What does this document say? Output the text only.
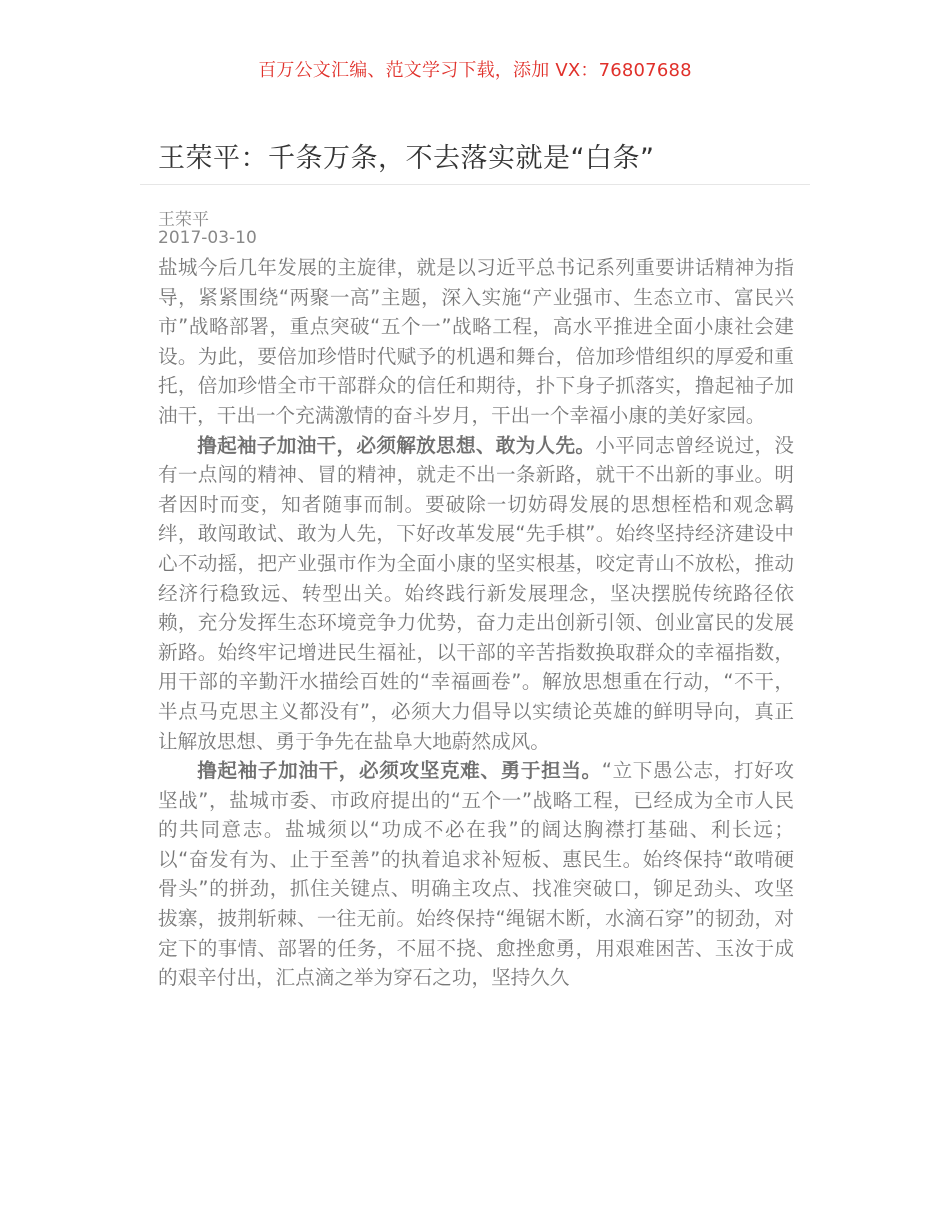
百万公文汇编、范文学习下载，添加 VX：76807688
王荣平：千条万条，不去落实就是“白条”
王荣平
2017-03-10

盐城今后几年发展的主旋律，就是以习近平总书记系列重要讲话精神为指导，紧紧围绕“两聚一高”主题，深入实施“产业强市、生态立市、富民兴市”战略部署，重点突破“五个一”战略工程，高水平推进全面小康社会建设。为此，要倍加珍惜时代赋予的机遇和舞台，倍加珍惜组织的厚爱和重托，倍加珍惜全市干部群众的信任和期待，扑下身子抓落实，撸起袖子加油干，干出一个充满激情的奋斗岁月，干出一个幸福小康的美好家园。

撸起袖子加油干，必须解放思想、敢为人先。小平同志曾经说过，没有一点闯的精神、冒的精神，就走不出一条新路，就干不出新的事业。明者因时而变，知者随事而制。要破除一切妨碍发展的思想桎梏和观念羁绊，敢闯敢试、敢为人先，下好改革发展“先手棋”。始终坚持经济建设中心不动摇，把产业强市作为全面小康的坚实根基，咬定青山不放松，推动经济行稳致远、转型出关。始终践行新发展理念，坚决摆脱传统路径依赖，充分发挥生态环境竞争力优势，奋力走出创新引领、创业富民的发展新路。始终牢记增进民生福祉，以干部的辛苦指数换取群众的幸福指数，用干部的辛勤汗水描绘百姓的“幸福画卷”。解放思想重在行动，“不干，半点马克思主义都没有”，必须大力倡导以实绩论英雄的鲜明导向，真正让解放思想、勇于争先在盐阜大地蔚然成风。

撸起袖子加油干，必须攻坚克难、勇于担当。“立下愚公志，打好攻坚战”，盐城市委、市政府提出的“五个一”战略工程，已经成为全市人民的共同意志。盐城须以“功成不必在我”的阔达胸襟打基础、利长远；以“奋发有为、止于至善”的执着追求补短板、惠民生。始终保持“敢啃硬骨头”的拼劲，抓住关键点、明确主攻点、找准突破口，铆足劲头、攻坚拔寨，披荆斩棘、一往无前。始终保持“绳锯木断，水滴石穿”的韧劲，对定下的事情、部署的任务，不屈不挠、愈挫愈勇，用艰难困苦、玉汝于成的艰辛付出，汇点滴之举为穿石之功，坚持久久
